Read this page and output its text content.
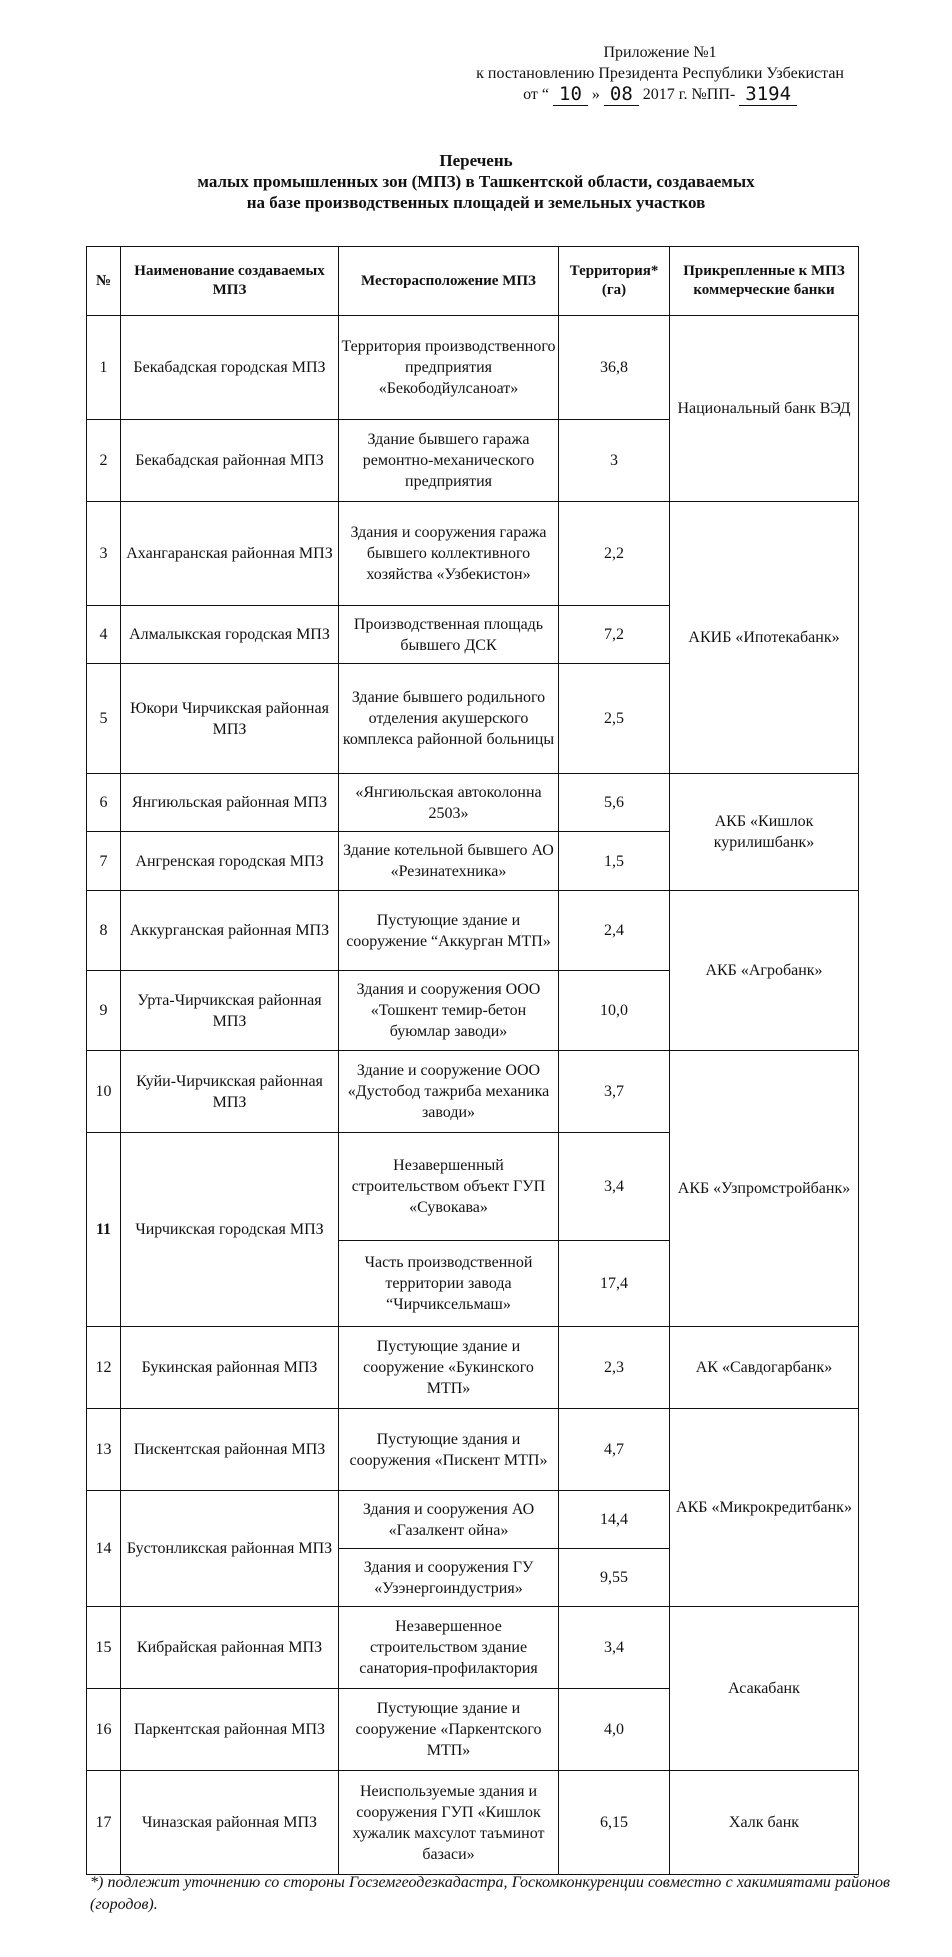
Приложение №1
к постановлению Президента Республики Узбекистан
от “ 10 » 08 2017 г. №ПП- 3194
Перечень
малых промышленных зон (МПЗ) в Ташкентской области, создаваемых
на базе производственных площадей и земельных участков
№	Наименование создаваемых МПЗ	Месторасположение МПЗ	Территория* (га)	Прикрепленные к МПЗ коммерческие банки
1	Бекабадская городская МПЗ	Территория производственного предприятия «Бекободйулсаноат»	36,8	Национальный банк ВЭД
2	Бекабадская районная МПЗ	Здание бывшего гаража ремонтно-механического предприятия	3	
3	Ахангаранская районная МПЗ	Здания и сооружения гаража бывшего коллективного хозяйства «Узбекистон»	2,2	АКИБ «Ипотекабанк»
4	Алмалыкская городская МПЗ	Производственная площадь бывшего ДСК	7,2	
5	Юкори Чирчикская районная МПЗ	Здание бывшего родильного отделения акушерского комплекса районной больницы	2,5	
6	Янгиюльская районная МПЗ	«Янгиюльская автоколонна 2503»	5,6	АКБ «Кишлок курилишбанк»
7	Ангренская городская МПЗ	Здание котельной бывшего АО «Резинатехника»	1,5	
8	Аккурганская районная МПЗ	Пустующие здание и сооружение “Аккурган МТП»	2,4	АКБ «Агробанк»
9	Урта-Чирчикская районная МПЗ	Здания и сооружения ООО «Тошкент темир-бетон буюмлар заводи»	10,0	
10	Куйи-Чирчикская районная МПЗ	Здание и сооружение ООО «Дустобод тажриба механика заводи»	3,7	АКБ «Узпромстройбанк»
11	Чирчикская городская МПЗ	Незавершенный строительством объект ГУП «Сувокава»	3,4	
		Часть производственной территории завода “Чирчиксельмаш»	17,4	
12	Букинская районная МПЗ	Пустующие здание и сооружение «Букинского МТП»	2,3	АК «Савдогарбанк»
13	Пискентская районная МПЗ	Пустующие здания и сооружения «Пискент МТП»	4,7	АКБ «Микрокредитбанк»
14	Бустонликская районная МПЗ	Здания и сооружения АО «Газалкент ойна»	14,4	
		Здания и сооружения ГУ «Узэнергоиндустрия»	9,55	
15	Кибрайская районная МПЗ	Незавершенное строительством здание санатория-профилактория	3,4	Асакабанк
16	Паркентская районная МПЗ	Пустующие здание и сооружение «Паркентского МТП»	4,0	
17	Чиназская районная МПЗ	Неиспользуемые здания и сооружения ГУП «Кишлок хужалик махсулот таъминот базаси»	6,15	Халк банк
*) подлежит уточнению со стороны Госземгеодезкадастра, Госкомконкуренции совместно с хакимиятами районов (городов).
